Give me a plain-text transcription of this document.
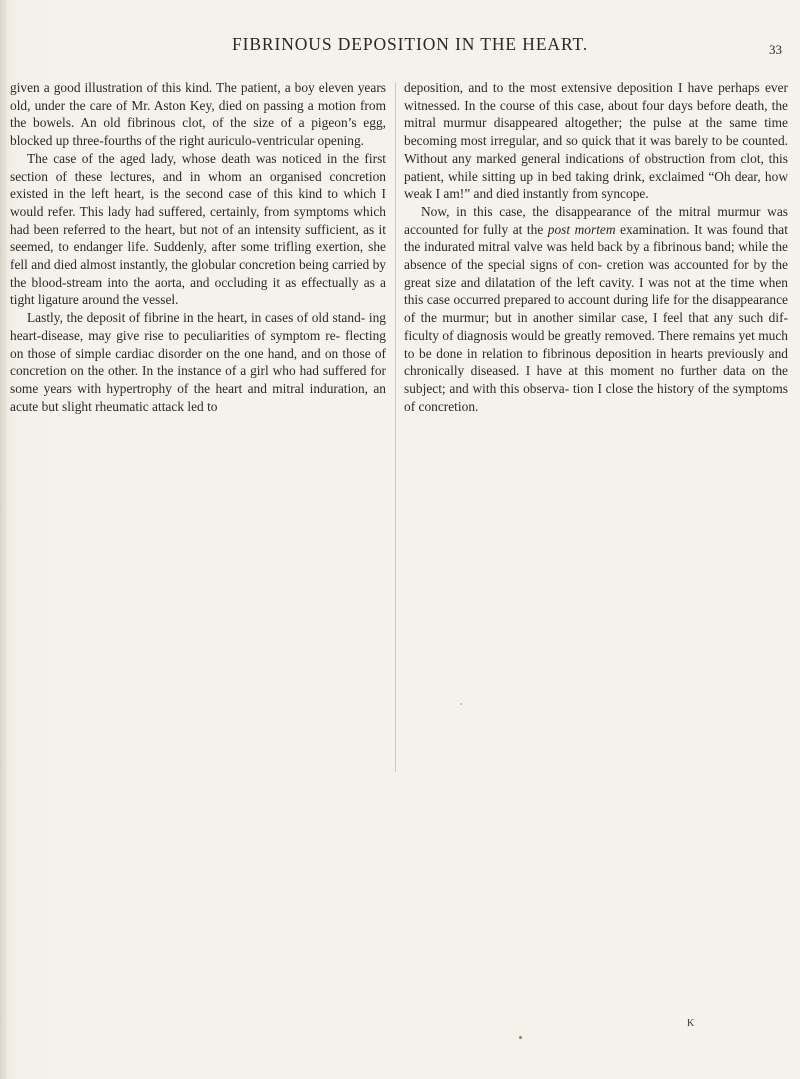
FIBRINOUS DEPOSITION IN THE HEART.	33

given a good illustration of this kind. The patient, a boy eleven years old, under the care of Mr. Aston Key, died on passing a motion from the bowels. An old fibrinous clot, of the size of a pigeon’s egg, blocked up three-fourths of the right auriculo-ventricular opening.

The case of the aged lady, whose death was noticed in the first section of these lectures, and in whom an organised concretion existed in the left heart, is the second case of this kind to which I would refer. This lady had suffered, certainly, from symptoms which had been referred to the heart, but not of an intensity sufficient, as it seemed, to endanger life. Suddenly, after some trifling exertion, she fell and died almost instantly, the globular concretion being carried by the blood-stream into the aorta, and occluding it as effectually as a tight ligature around the vessel.

Lastly, the deposit of fibrine in the heart, in cases of old stand- ing heart-disease, may give rise to peculiarities of symptom re- flecting on those of simple cardiac disorder on the one hand, and on those of concretion on the other. In the instance of a girl who had suffered for some years with hypertrophy of the heart and mitral induration, an acute but slight rheumatic attack led to

deposition, and to the most extensive deposition I have perhaps ever witnessed. In the course of this case, about four days before death, the mitral murmur disappeared altogether; the pulse at the same time becoming most irregular, and so quick that it was barely to be counted. Without any marked general indications of obstruction from clot, this patient, while sitting up in bed taking drink, exclaimed “Oh dear, how weak I am!” and died instantly from syncope.

Now, in this case, the disappearance of the mitral murmur was accounted for fully at the post mortem examination. It was found that the indurated mitral valve was held back by a fibrinous band; while the absence of the special signs of con- cretion was accounted for by the great size and dilatation of the left cavity. I was not at the time when this case occurred prepared to account during life for the disappearance of the murmur; but in another similar case, I feel that any such dif- ficulty of diagnosis would be greatly removed. There remains yet much to be done in relation to fibrinous deposition in hearts previously and chronically diseased. I have at this moment no further data on the subject; and with this observa- tion I close the history of the symptoms of concretion.

K
